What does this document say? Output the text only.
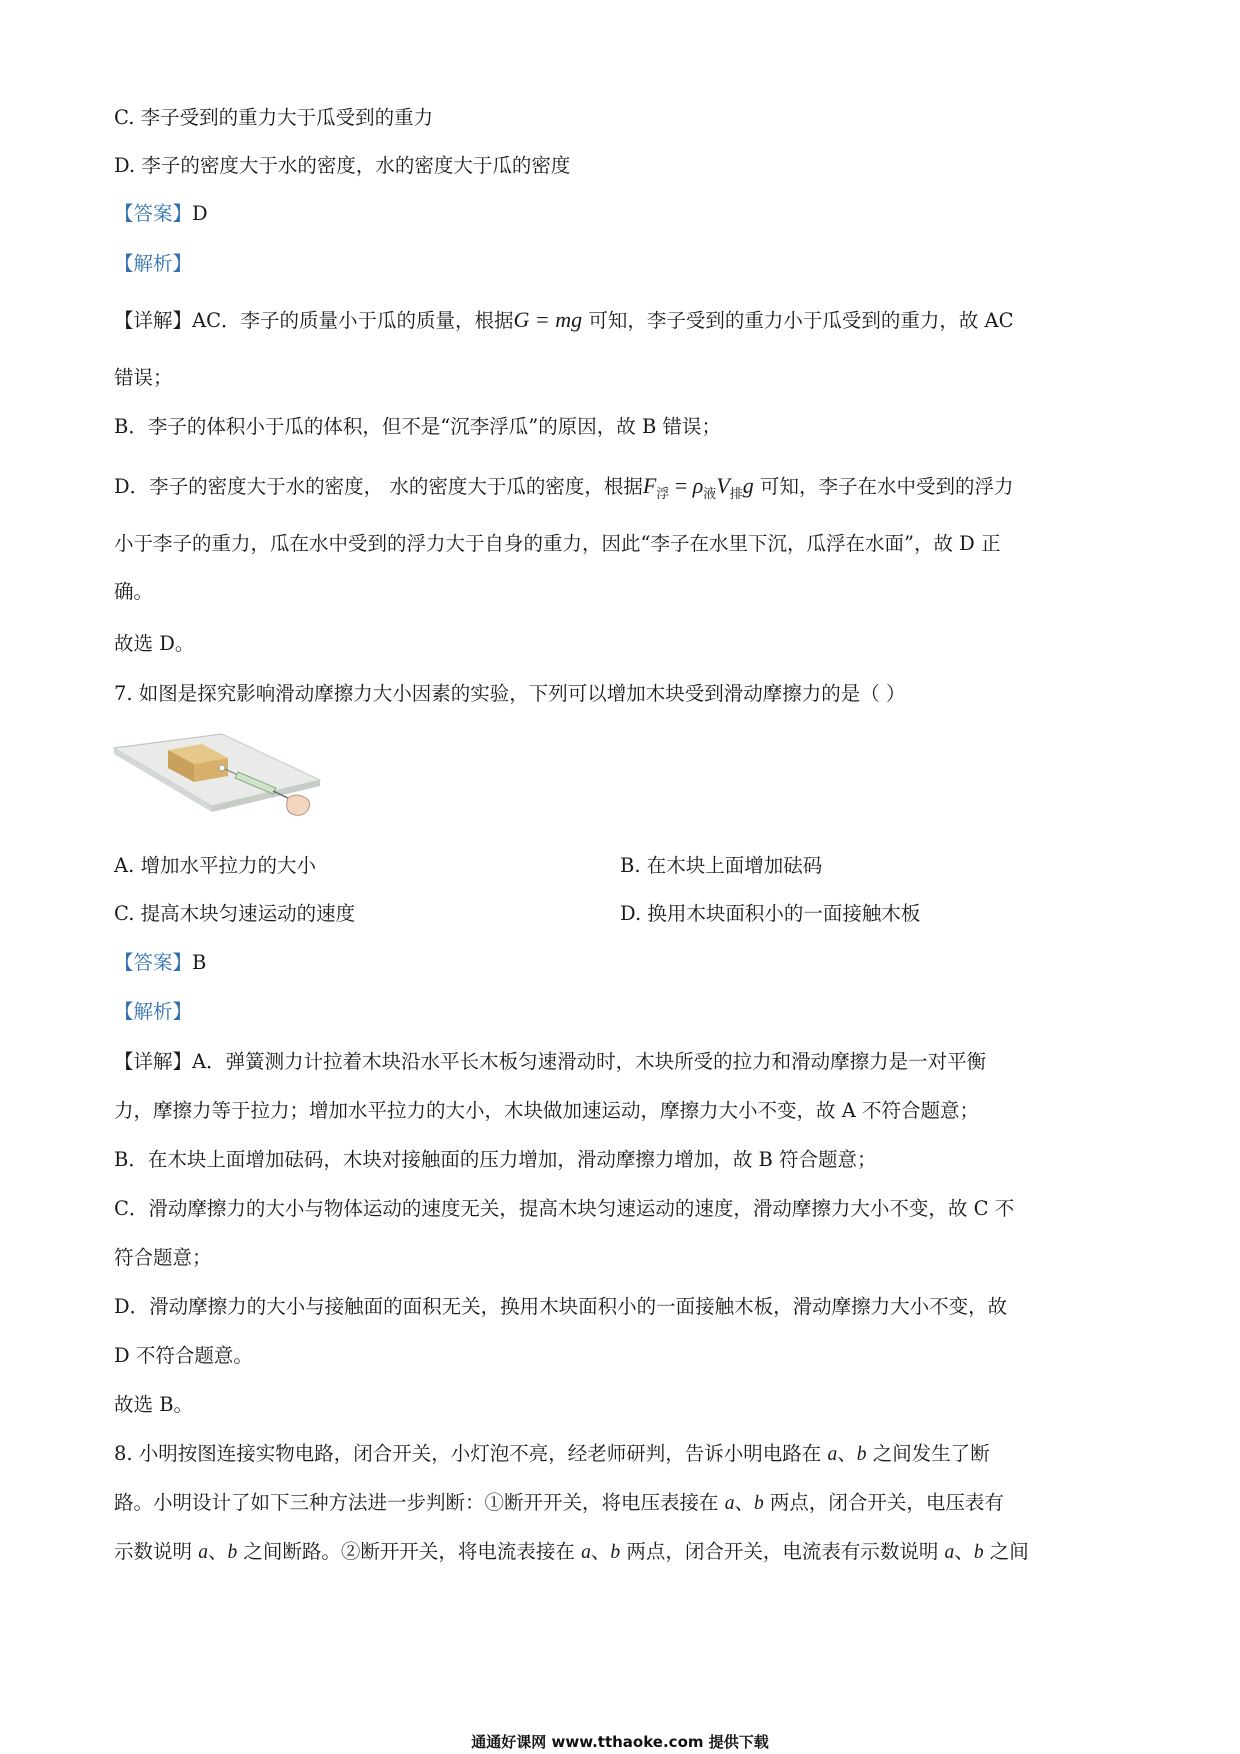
C. 李子受到的重力大于瓜受到的重力
D. 李子的密度大于水的密度，水的密度大于瓜的密度
【答案】D
【解析】
【详解】AC．李子的质量小于瓜的质量，根据G = mg 可知，李子受到的重力小于瓜受到的重力，故 AC
错误；
B．李子的体积小于瓜的体积，但不是“沉李浮瓜”的原因，故 B 错误；
D．李子的密度大于水的密度， 水的密度大于瓜的密度，根据$F_浮 = \rho_液V_排g$ 可知，李子在水中受到的浮力
小于李子的重力，瓜在水中受到的浮力大于自身的重力，因此“李子在水里下沉，瓜浮在水面”，故 D 正
确。
故选 D。
7. 如图是探究影响滑动摩擦力大小因素的实验，下列可以增加木块受到滑动摩擦力的是（ ）
A. 增加水平拉力的大小	B. 在木块上面增加砝码
C. 提高木块匀速运动的速度	D. 换用木块面积小的一面接触木板
【答案】B
【解析】
【详解】A．弹簧测力计拉着木块沿水平长木板匀速滑动时，木块所受的拉力和滑动摩擦力是一对平衡
力，摩擦力等于拉力；增加水平拉力的大小，木块做加速运动，摩擦力大小不变，故 A 不符合题意；
B．在木块上面增加砝码，木块对接触面的压力增加，滑动摩擦力增加，故 B 符合题意；
C．滑动摩擦力的大小与物体运动的速度无关，提高木块匀速运动的速度，滑动摩擦力大小不变，故 C 不
符合题意；
D．滑动摩擦力的大小与接触面的面积无关，换用木块面积小的一面接触木板，滑动摩擦力大小不变，故
D 不符合题意。
故选 B。
8. 小明按图连接实物电路，闭合开关，小灯泡不亮，经老师研判，告诉小明电路在 a、b 之间发生了断
路。小明设计了如下三种方法进一步判断：①断开开关，将电压表接在 a、b 两点，闭合开关，电压表有
示数说明 a、b 之间断路。②断开开关，将电流表接在 a、b 两点，闭合开关，电流表有示数说明 a、b 之间
通通好课网 www.tthaoke.com 提供下载
